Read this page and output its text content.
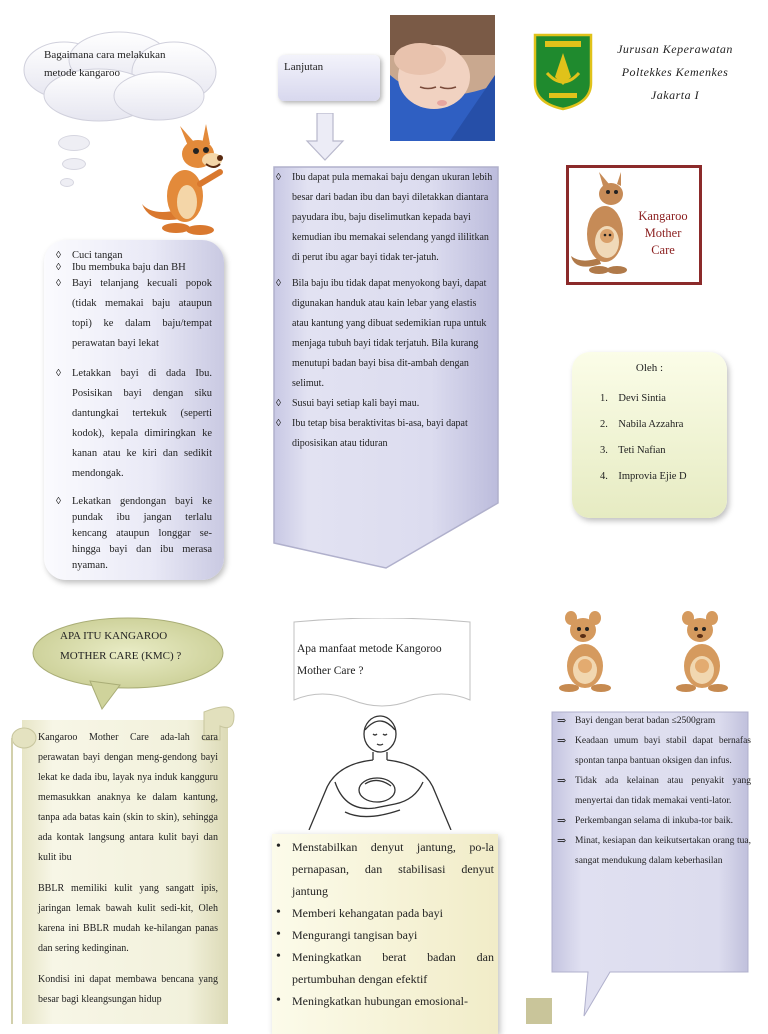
Bagaimana cara melakukan metode kangaroo
◊ Cuci tangan
◊ Ibu membuka baju dan BH
◊ Bayi telanjang kecuali popok (tidak memakai baju ataupun topi) ke dalam baju/tempat perawatan bayi lekat
◊ Letakkan bayi di dada Ibu. Posisikan bayi dengan siku dantungkai tertekuk (seperti kodok), kepala dimiringkan ke kanan atau ke kiri dan sedikit mendongak.
◊ Lekatkan gendongan bayi ke pundak ibu jangan terlalu kencang ataupun longgar se-hingga bayi dan ibu merasa nyaman.
Lanjutan
◊ Ibu dapat pula memakai baju dengan ukuran lebih besar dari badan ibu dan bayi diletakkan diantara payudara ibu, baju diselimutkan kepada bayi kemudian ibu memakai selendang yangd ililitkan di perut ibu agar bayi tidak ter-jatuh.
◊ Bila baju ibu tidak dapat menyokong bayi, dapat digunakan handuk atau kain lebar yang elastis atau kantung yang dibuat sedemikian rupa untuk menjaga tubuh bayi tidak terjatuh. Bila kurang menutupi badan bayi bisa dit-ambah dengan selimut.
◊ Susui bayi setiap kali bayi mau.
◊ Ibu tetap bisa beraktivitas bi-asa, bayi dapat diposisikan atau tiduran
Jurusan Keperawatan
Poltekkes Kemenkes
Jakarta I
Kangaroo
Mother
Care
Oleh :
1.    Devi Sintia
2.    Nabila Azzahra
3.    Teti Nafian
4.    Improvia Ejie D
APA ITU KANGAROO MOTHER CARE (KMC) ?

Kangaroo Mother Care ada-lah cara perawatan bayi dengan meng-gendong bayi lekat ke dada ibu, layak nya induk kangguru memasukkan anaknya ke dalam kantung, tanpa ada batas kain (skin to skin), sehingga ada kontak langsung antara kulit bayi dan kulit ibu

BBLR memiliki kulit yang sangatt ipis, jaringan lemak bawah kulit sedi-kit, Oleh karena ini BBLR mudah ke-hilangan panas dan sering kedinginan.

Kondisi ini dapat membawa bencana yang besar bagi kleangsungan hidup

Apa manfaat metode Kangoroo Mother Care ?
• Menstabilkan denyut jantung, po-la pernapasan, dan stabilisasi denyut jantung
• Memberi kehangatan pada bayi
• Mengurangi tangisan bayi
• Meningkatkan berat badan dan pertumbuhan dengan efektif
• Meningkatkan hubungan emosional-
⇒ Bayi dengan berat badan ≤2500gram
⇒ Keadaan umum bayi stabil dapat bernafas spontan tanpa bantuan oksigen dan infus.
⇒ Tidak ada kelainan atau penyakit yang menyertai dan tidak memakai venti-lator.
⇒ Perkembangan selama di inkuba-tor baik.
⇒ Minat, kesiapan dan keikutsertakan orang tua, sangat mendukung dalam keberhasilan
